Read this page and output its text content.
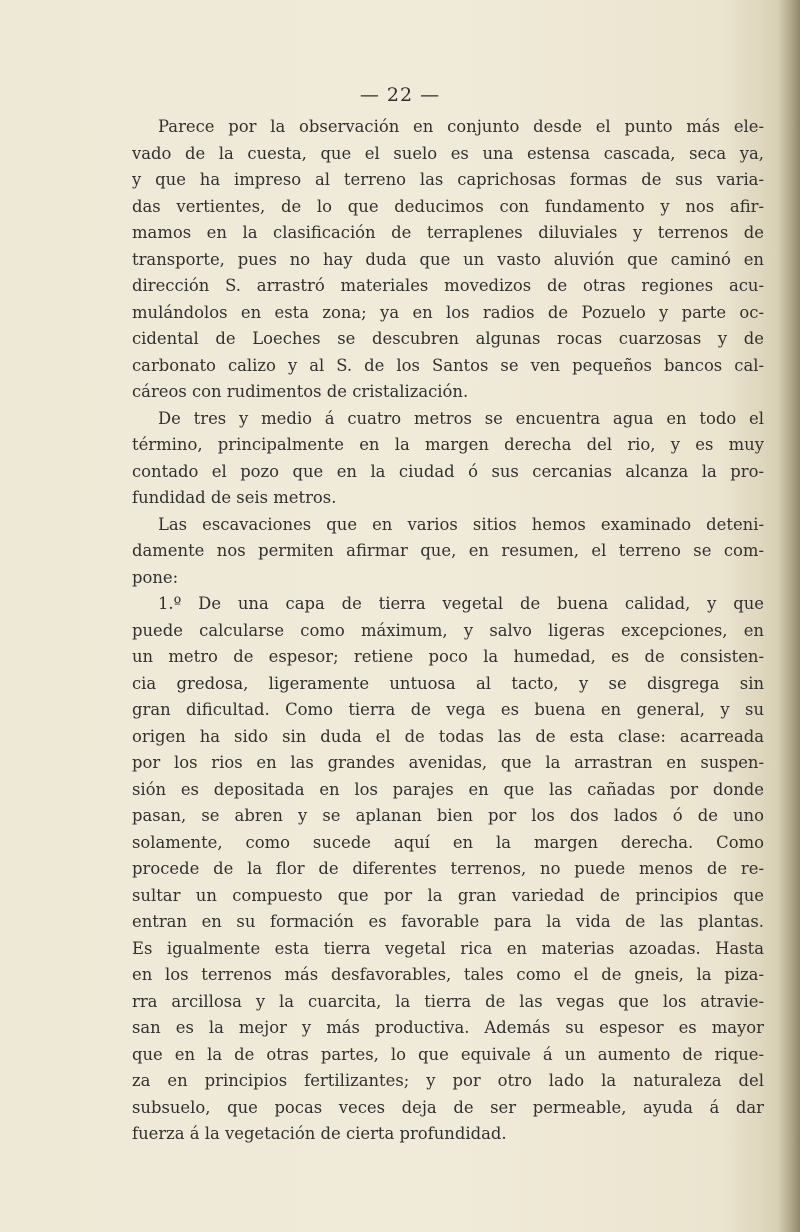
— 22 —
Parece por la observación en conjunto desde el punto más ele-
vado de la cuesta, que el suelo es una estensa cascada, seca ya,
y que ha impreso al terreno las caprichosas formas de sus varia-
das vertientes, de lo que deducimos con fundamento y nos afir-
mamos en la clasificación de terraplenes diluviales y terrenos de
transporte, pues no hay duda que un vasto aluvión que caminó en
dirección S. arrastró materiales movedizos de otras regiones acu-
mulándolos en esta zona; ya en los radios de Pozuelo y parte oc-
cidental de Loeches se descubren algunas rocas cuarzosas y de
carbonato calizo y al S. de los Santos se ven pequeños bancos cal-
cáreos con rudimentos de cristalización.
De tres y medio á cuatro metros se encuentra agua en todo el
término, principalmente en la margen derecha del rio, y es muy
contado el pozo que en la ciudad ó sus cercanias alcanza la pro-
fundidad de seis metros.
Las escavaciones que en varios sitios hemos examinado deteni-
damente nos permiten afirmar que, en resumen, el terreno se com-
pone:
1.º De una capa de tierra vegetal de buena calidad, y que
puede calcularse como máximum, y salvo ligeras excepciones, en
un metro de espesor; retiene poco la humedad, es de consisten-
cia gredosa, ligeramente untuosa al tacto, y se disgrega sin
gran dificultad. Como tierra de vega es buena en general, y su
origen ha sido sin duda el de todas las de esta clase: acarreada
por los rios en las grandes avenidas, que la arrastran en suspen-
sión es depositada en los parajes en que las cañadas por donde
pasan, se abren y se aplanan bien por los dos lados ó de uno
solamente, como sucede aquí en la margen derecha. Como
procede de la flor de diferentes terrenos, no puede menos de re-
sultar un compuesto que por la gran variedad de principios que
entran en su formación es favorable para la vida de las plantas.
Es igualmente esta tierra vegetal rica en materias azoadas. Hasta
en los terrenos más desfavorables, tales como el de gneis, la piza-
rra arcillosa y la cuarcita, la tierra de las vegas que los atravie-
san es la mejor y más productiva. Además su espesor es mayor
que en la de otras partes, lo que equivale á un aumento de rique-
za en principios fertilizantes; y por otro lado la naturaleza del
subsuelo, que pocas veces deja de ser permeable, ayuda á dar
fuerza á la vegetación de cierta profundidad.
